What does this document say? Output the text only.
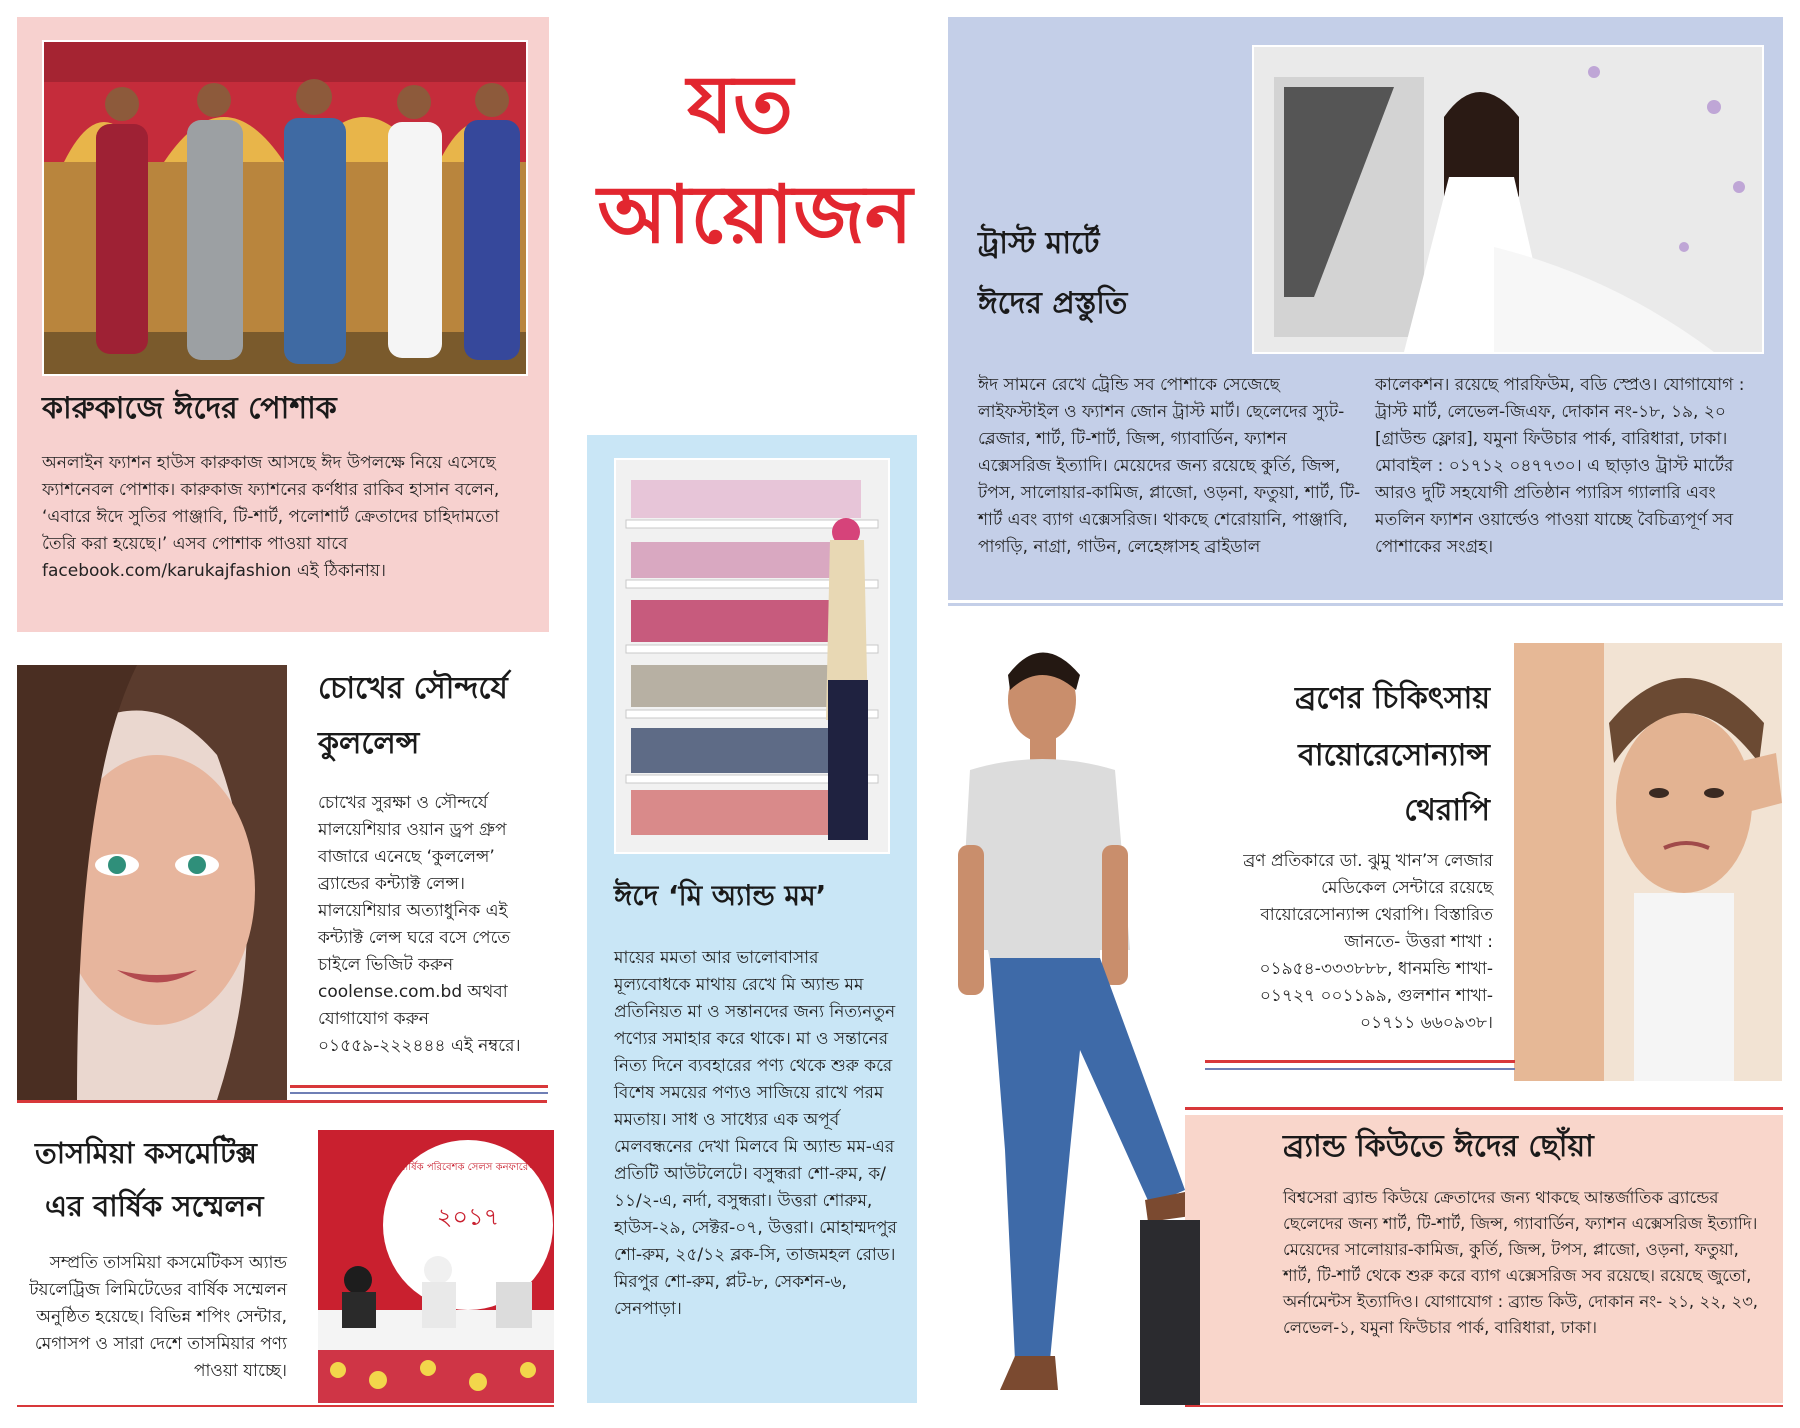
কারুকাজে ঈদের পোশাক

অনলাইন ফ্যাশন হাউস কারুকাজ আসছে ঈদ উপলক্ষে নিয়ে এসেছে ফ্যাশনেবল পোশাক। কারুকাজ ফ্যাশনের কর্ণধার রাকিব হাসান বলেন, ‘এবারে ঈদে সুতির পাঞ্জাবি, টি-শার্ট, পলোশার্ট ক্রেতাদের চাহিদামতো তৈরি করা হয়েছে।’ এসব পোশাক পাওয়া যাবে facebook.com/karukajfashion এই ঠিকানায়।

যত
আয়োজন ট্রাস্ট মার্টে
ঈদের প্রস্তুতি

ঈদ সামনে রেখে ট্রেন্ডি সব পোশাকে সেজেছে লাইফস্টাইল ও ফ্যাশন জোন ট্রাস্ট মার্ট। ছেলেদের স্যুট-ব্লেজার, শার্ট, টি-শার্ট, জিন্স, গ্যাবার্ডিন, ফ্যাশন এক্সেসরিজ ইত্যাদি। মেয়েদের জন্য রয়েছে কুর্তি, জিন্স, টপস, সালোয়ার-কামিজ, প্লাজো, ওড়না, ফতুয়া, শার্ট, টি-শার্ট এবং ব্যাগ এক্সেসরিজ। থাকছে শেরোয়ানি, পাঞ্জাবি, পাগড়ি, নাগ্রা, গাউন, লেহেঙ্গাসহ ব্রাইডাল

কালেকশন। রয়েছে পারফিউম, বডি স্প্রেও। যোগাযোগ : ট্রাস্ট মার্ট, লেভেল-জিএফ, দোকান নং-১৮, ১৯, ২০ [গ্রাউন্ড ফ্লোর], যমুনা ফিউচার পার্ক, বারিধারা, ঢাকা। মোবাইল : ০১৭১২ ০৪৭৭৩০। এ ছাড়াও ট্রাস্ট মার্টের আরও দুটি সহযোগী প্রতিষ্ঠান প্যারিস গ্যালারি এবং মতলিন ফ্যাশন ওয়ার্ল্ডেও পাওয়া যাচ্ছে বৈচিত্র্যপূর্ণ সব পোশাকের সংগ্রহ।

ঈদে ‘মি অ্যান্ড মম’

মায়ের মমতা আর ভালোবাসার মূল্যবোধকে মাথায় রেখে মি অ্যান্ড মম প্রতিনিয়ত মা ও সন্তানদের জন্য নিত্যনতুন পণ্যের সমাহার করে থাকে। মা ও সন্তানের নিত্য দিনে ব্যবহারের পণ্য থেকে শুরু করে বিশেষ সময়ের পণ্যও সাজিয়ে রাখে পরম মমতায়। সাধ ও সাধ্যের এক অপূর্ব মেলবন্ধনের দেখা মিলবে মি অ্যান্ড মম-এর প্রতিটি আউটলেটে। বসুন্ধরা শো-রুম, ক/১১/২-এ, নর্দা, বসুন্ধরা। উত্তরা শোরুম, হাউস-২৯, সেক্টর-০৭, উত্তরা। মোহাম্মদপুর শো-রুম, ২৫/১২ ব্লক-সি, তাজমহল রোড। মিরপুর শো-রুম, প্লট-৮, সেকশন-৬, সেনপাড়া।

চোখের সৌন্দর্যে
কুললেন্স

চোখের সুরক্ষা ও সৌন্দর্যে মালয়েশিয়ার ওয়ান ড্রপ গ্রুপ বাজারে এনেছে ‘কুললেন্স’ ব্র্যান্ডের কন্ট্যাক্ট লেন্স। মালয়েশিয়ার অত্যাধুনিক এই কন্ট্যাক্ট লেন্স ঘরে বসে পেতে চাইলে ভিজিট করুন coolense.com.bd অথবা যোগাযোগ করুন ০১৫৫৯-২২২৪৪৪ এই নম্বরে।

তাসমিয়া কসমেটিক্স
এর বার্ষিক সম্মেলন

সম্প্রতি তাসমিয়া কসমেটিকস অ্যান্ড টয়লেট্রিজ লিমিটেডের বার্ষিক সম্মেলন অনুষ্ঠিত হয়েছে। বিভিন্ন শপিং সেন্টার, মেগাসপ ও সারা দেশে তাসমিয়ার পণ্য পাওয়া যাচ্ছে।

২০১৭
বার্ষিক পরিবেশক সেলস কনফারেন্স
ব্রণের চিকিৎসায়
বায়োরেসোন্যান্স
থেরাপি

ব্রণ প্রতিকারে ডা. ঝুমু খান’স লেজার মেডিকেল সেন্টারে রয়েছে বায়োরেসোন্যান্স থেরাপি। বিস্তারিত জানতে- উত্তরা শাখা : ০১৯৫৪-৩৩৩৮৮৮, ধানমন্ডি শাখা- ০১৭২৭ ০০১১৯৯, গুলশান শাখা- ০১৭১১ ৬৬০৯৩৮।

ব্র্যান্ড কিউতে ঈদের ছোঁয়া

বিশ্বসেরা ব্র্যান্ড কিউয়ে ক্রেতাদের জন্য থাকছে আন্তর্জাতিক ব্র্যান্ডের ছেলেদের জন্য শার্ট, টি-শার্ট, জিন্স, গ্যাবার্ডিন, ফ্যাশন এক্সেসরিজ ইত্যাদি। মেয়েদের সালোয়ার-কামিজ, কুর্তি, জিন্স, টপস, প্লাজো, ওড়না, ফতুয়া, শার্ট, টি-শার্ট থেকে শুরু করে ব্যাগ এক্সেসরিজ সব রয়েছে। রয়েছে জুতো, অর্নামেন্টস ইত্যাদিও। যোগাযোগ : ব্র্যান্ড কিউ, দোকান নং- ২১, ২২, ২৩, লেভেল-১, যমুনা ফিউচার পার্ক, বারিধারা, ঢাকা।
